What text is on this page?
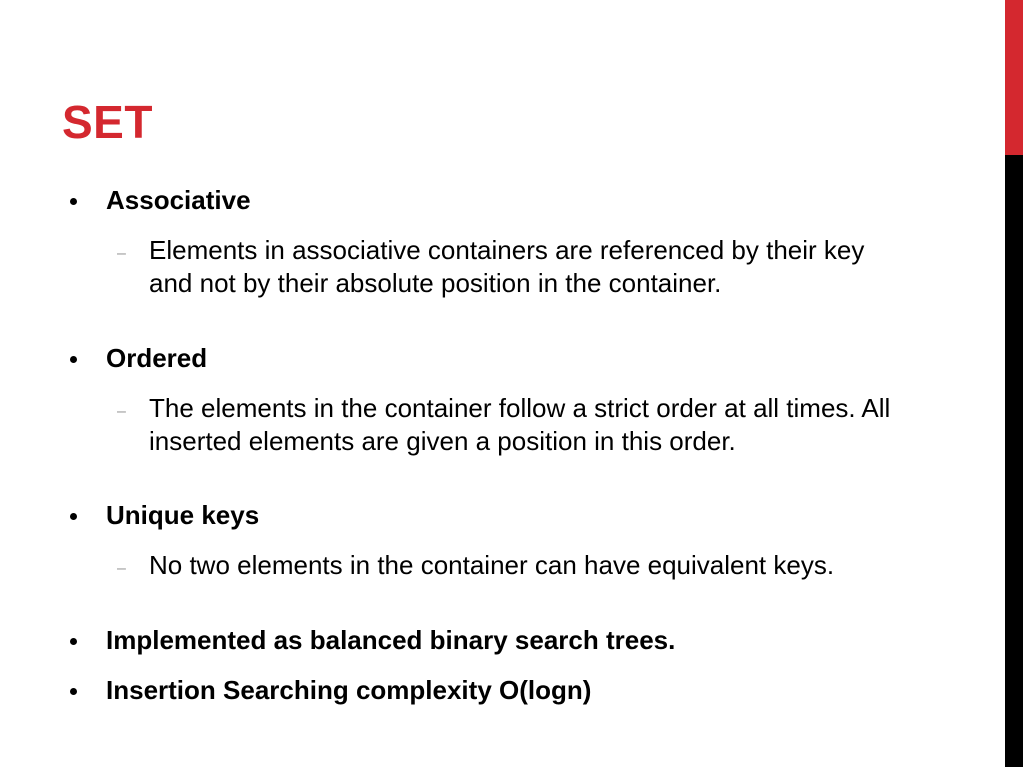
SET
Associative
– Elements in associative containers are referenced by their key and not by their absolute position in the container.
Ordered
– The elements in the container follow a strict order at all times. All inserted elements are given a position in this order.
Unique keys
– No two elements in the container can have equivalent keys.
Implemented as balanced binary search trees.
Insertion Searching complexity O(logn)
